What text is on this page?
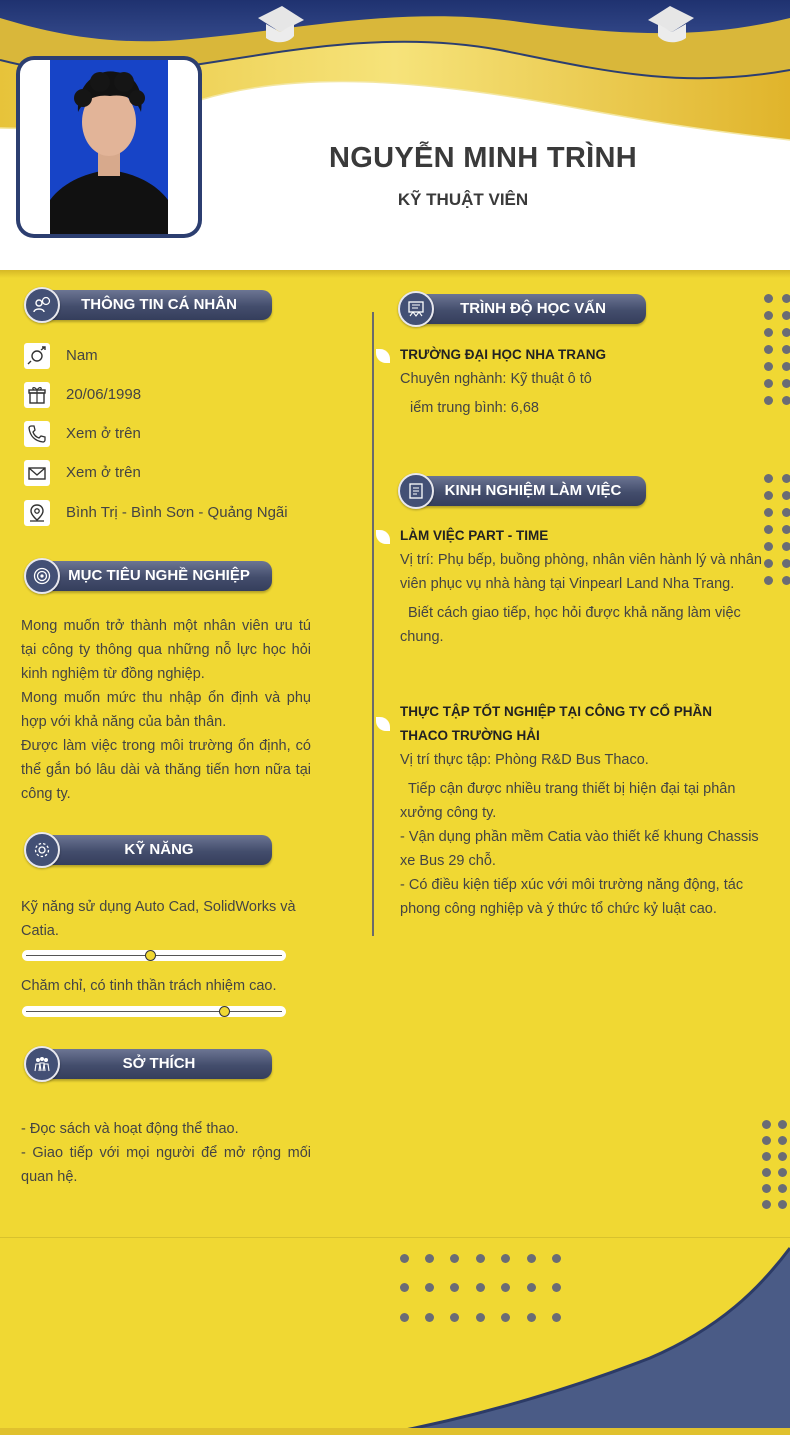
NGUYỄN MINH TRÌNH
KỸ THUẬT VIÊN
THÔNG TIN CÁ NHÂN
Nam
20/06/1998
Xem ở trên
Xem ở trên
Bình Trị - Bình Sơn - Quảng Ngãi
MỤC TIÊU NGHỀ NGHIỆP

Mong muốn trở thành một nhân viên ưu tú tại công ty thông qua những nỗ lực học hỏi kinh nghiệm từ đồng nghiệp.

Mong muốn mức thu nhập ổn định và phụ hợp với khả năng của bản thân.

Được làm việc trong môi trường ổn định, có thể gắn bó lâu dài và thăng tiến hơn nữa tại công ty.

KỸ NĂNG
Kỹ năng sử dụng Auto Cad, SolidWorks và Catia.
Chăm chỉ, có tinh thần trách nhiệm cao.
SỞ THÍCH

- Đọc sách và hoạt động thể thao.

- Giao tiếp với mọi người để mở rộng mối quan hệ.

TRÌNH ĐỘ HỌC VẤN

TRƯỜNG ĐẠI HỌC NHA TRANG

Chuyên nghành: Kỹ thuật ô tô

iểm trung bình: 6,68

KINH NGHIỆM LÀM VIỆC

LÀM VIỆC PART - TIME

Vị trí: Phụ bếp, buồng phòng, nhân viên hành lý và nhân viên phục vụ nhà hàng tại Vinpearl Land Nha Trang.

Biết cách giao tiếp, học hỏi được khả năng làm việc chung.

THỰC TẬP TỐT NGHIỆP TẠI CÔNG TY CỔ PHẦN THACO TRƯỜNG HẢI

Vị trí thực tập: Phòng R&D Bus Thaco.

Tiếp cận được nhiều trang thiết bị hiện đại tại phân xưởng công ty.

- Vận dụng phần mềm Catia vào thiết kế khung Chassis xe Bus 29 chỗ.

- Có điều kiện tiếp xúc với môi trường năng động, tác phong công nghiệp và ý thức tổ chức kỷ luật cao.
